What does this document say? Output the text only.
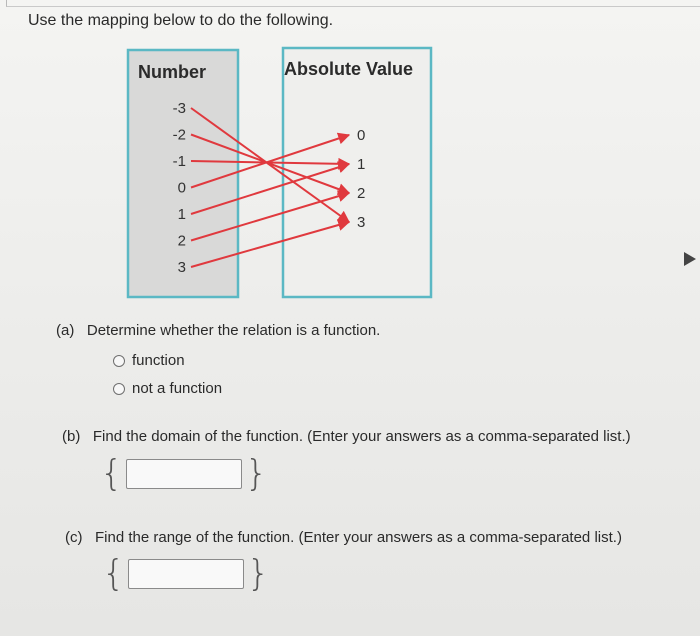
Use the mapping below to do the following.
Number	Absolute Value
-3
-2
-1
0
1
2
3
0
1
2
3
(a) Determine whether the relation is a function.
function
not a function
(b) Find the domain of the function. (Enter your answers as a comma-separated list.)
{	}
(c) Find the range of the function. (Enter your answers as a comma-separated list.)
{	}
